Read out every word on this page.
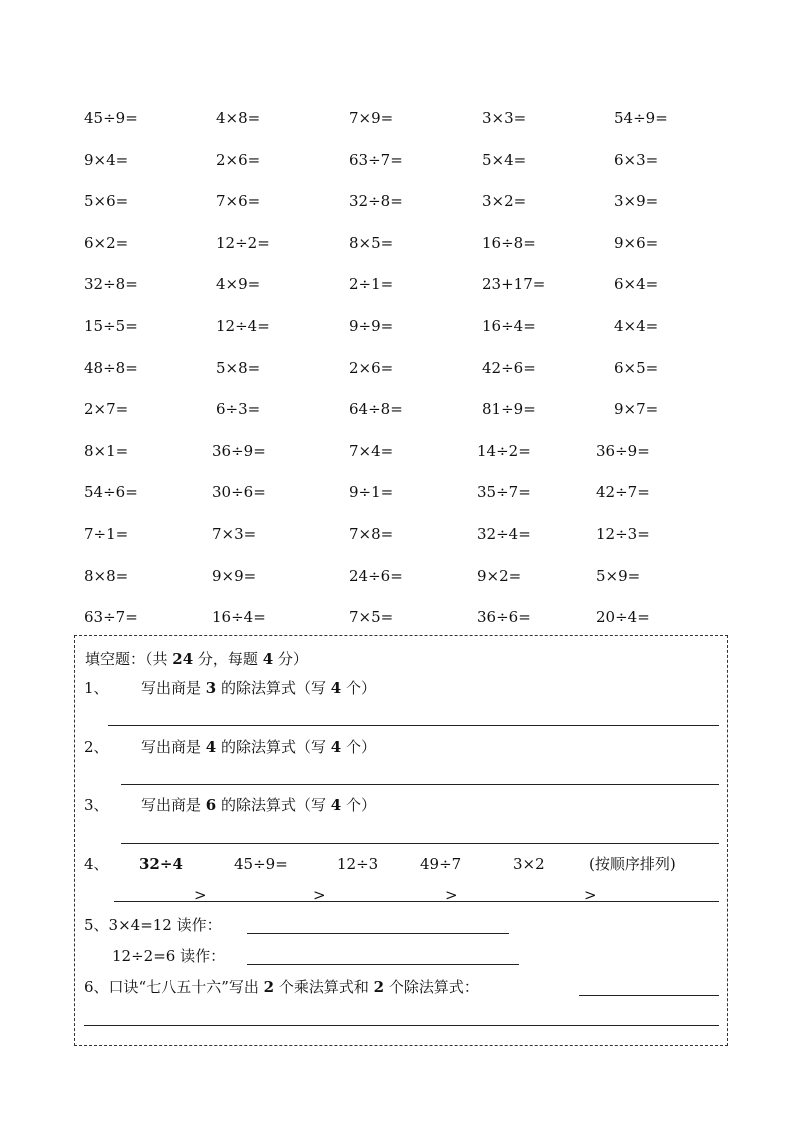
45÷9=	4×8=	7×9=	3×3=	54÷9=
9×4=	2×6=	63÷7=	5×4=	6×3=
5×6=	7×6=	32÷8=	3×2=	3×9=
6×2=	12÷2=	8×5=	16÷8=	9×6=
32÷8=	4×9=	2÷1=	23+17=	6×4=
15÷5=	12÷4=	9÷9=	16÷4=	4×4=
48÷8=	5×8=	2×6=	42÷6=	6×5=
2×7=	6÷3=	64÷8=	81÷9=	9×7=
8×1=	36÷9=	7×4=	14÷2=	36÷9=
54÷6=	30÷6=	9÷1=	35÷7=	42÷7=
7÷1=	7×3=	7×8=	32÷4=	12÷3=
8×8=	9×9=	24÷6=	9×2=	5×9=
63÷7=	16÷4=	7×5=	36÷6=	20÷4=
填空题：（共 24 分，每题 4 分）
1、 写出商是 3 的除法算式（写 4 个）
2、 写出商是 4 的除法算式（写 4 个）
3、 写出商是 6 的除法算式（写 4 个）
4、 32÷4	45÷9=	12÷3	49÷7	3×2	(按顺序排列)
>	>	>	>
5、3×4=12 读作：
12÷2=6 读作：
6、口诀“七八五十六”写出 2 个乘法算式和 2 个除法算式：
